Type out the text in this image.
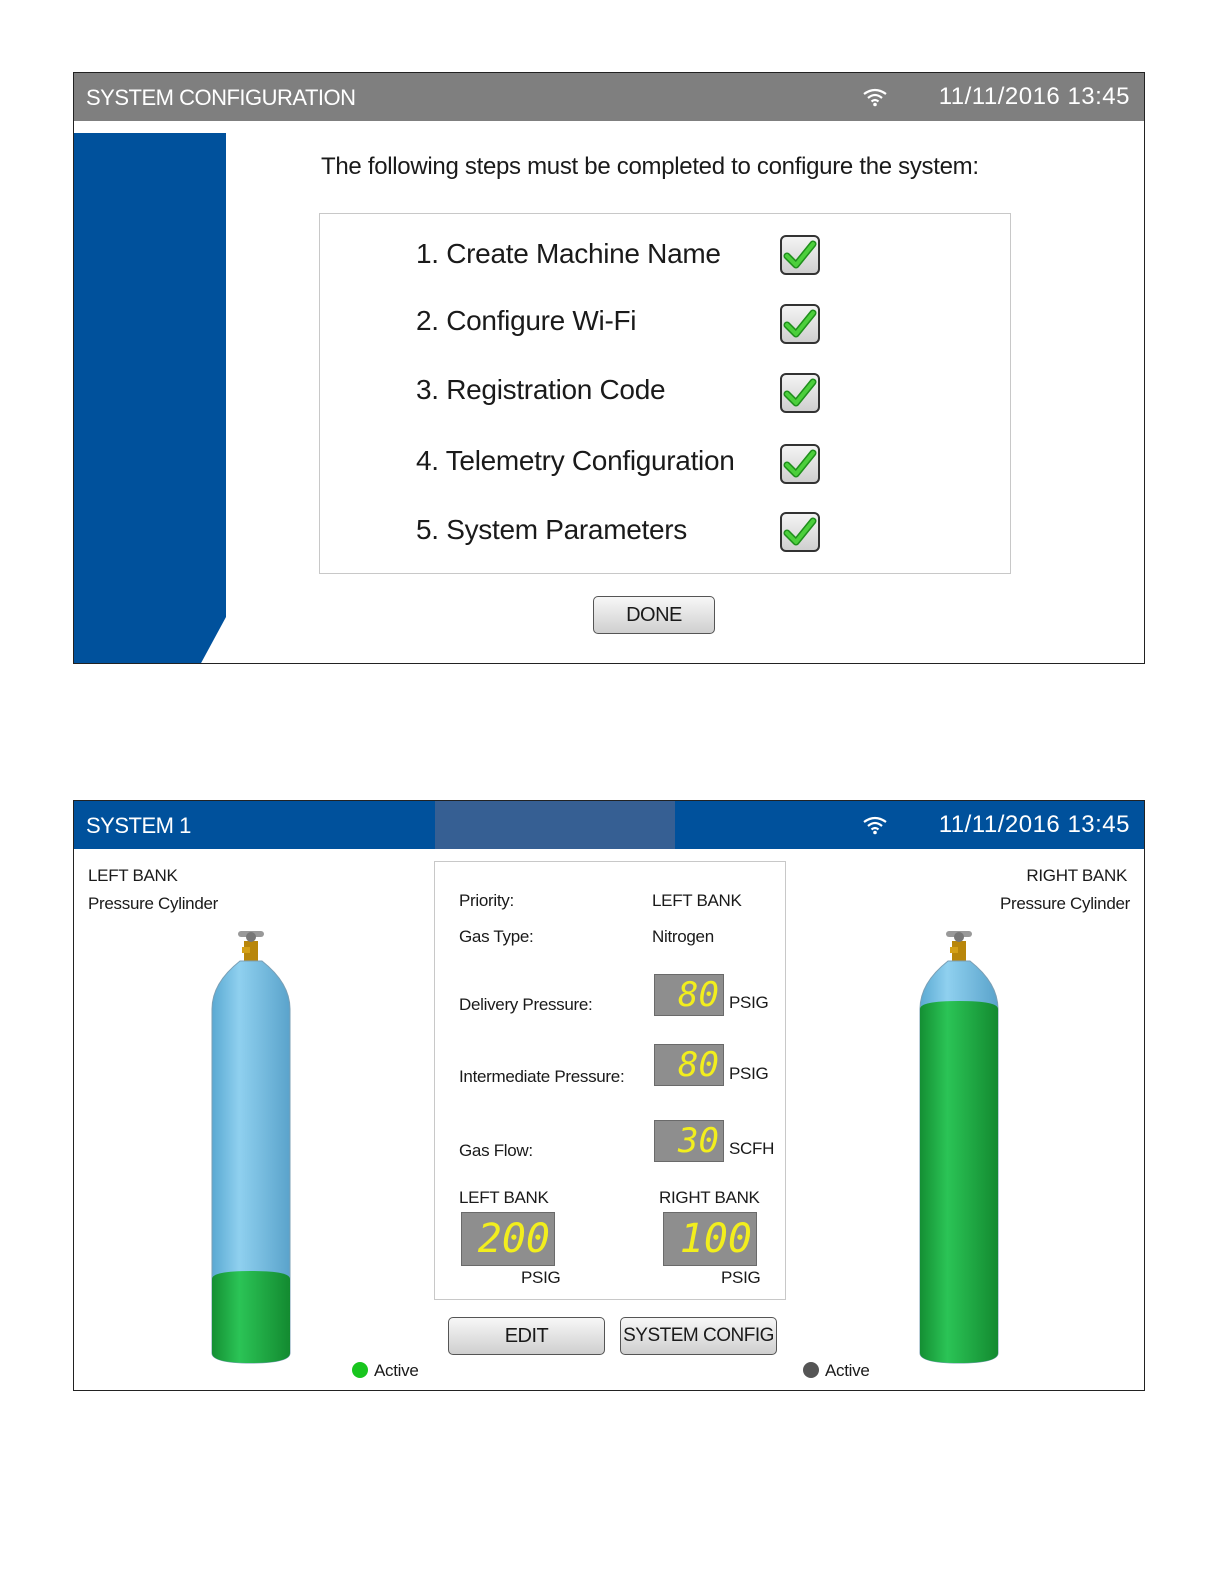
SYSTEM CONFIGURATION	11/11/2016 13:45
The following steps must be completed to configure the system:
1. Create Machine Name
2. Configure Wi-Fi
3. Registration Code
4. Telemetry Configuration
5. System Parameters
DONE
SYSTEM 1	11/11/2016 13:45
LEFT BANK
Pressure Cylinder
Active
RIGHT BANK
Pressure Cylinder
Active
Priority:	LEFT BANK
Gas Type:	Nitrogen
Delivery Pressure:	80 PSIG
Intermediate Pressure:	80 PSIG
Gas Flow:	30 SCFH
LEFT BANK
200
PSIG
RIGHT BANK
100
PSIG
EDIT	SYSTEM CONFIG
